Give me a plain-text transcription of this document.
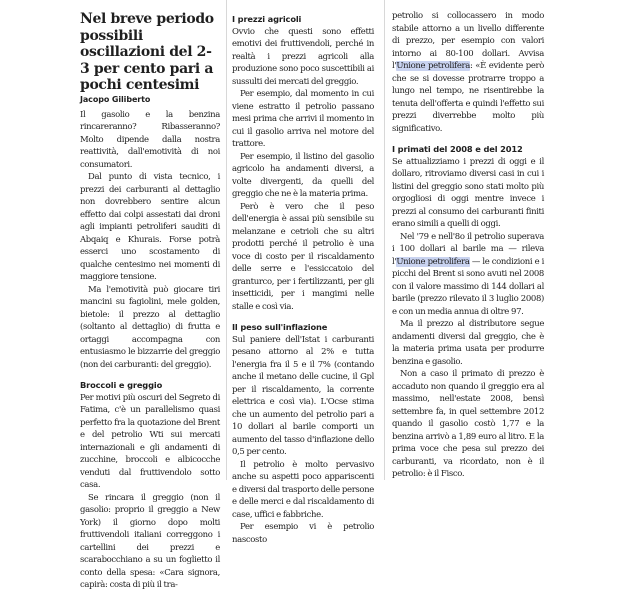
Nel breve periodo possibili oscillazioni del 2-3 per cento pari a pochi centesimi
Jacopo Giliberto

Il gasolio e la benzina rincareranno? Ribasseranno? Molto dipende dalla nostra reattività, dall'emotività di noi consumatori.

Dal punto di vista tecnico, i prezzi dei carburanti al dettaglio non dovrebbero sentire alcun effetto dai colpi assestati dai droni agli impianti petroliferi sauditi di Abqaiq e Khurais. Forse potrà esserci uno scostamento di qualche centesimo nei momenti di maggiore tensione.

Ma l'emotività può giocare tiri mancini su fagiolini, mele golden, bietole: il prezzo al dettaglio (soltanto al dettaglio) di frutta e ortaggi accompagna con entusiasmo le bizzarrie del greggio (non dei carburanti: del greggio).

Broccoli e greggio

Per motivi più oscuri del Segreto di Fatima, c'è un parallelismo quasi perfetto fra la quotazione del Brent e del petrolio Wti sui mercati internazionali e gli andamenti di zucchine, broccoli e albicocche venduti dal fruttivendolo sotto casa.

Se rincara il greggio (non il gasolio: proprio il greggio a New York) il giorno dopo molti fruttivendoli italiani correggono i cartellini dei prezzi e scarabocchiano a su un foglietto il conto della spesa: «Cara signora, capirà: costa di più il tra-

I prezzi agricoli

Ovvio che questi sono effetti emotivi dei fruttivendoli, perché in realtà i prezzi agricoli alla produzione sono poco suscettibili ai sussulti dei mercati del greggio.

Per esempio, dal momento in cui viene estratto il petrolio passano mesi prima che arrivi il momento in cui il gasolio arriva nel motore del trattore.

Per esempio, il listino del gasolio agricolo ha andamenti diversi, a volte divergenti, da quelli del greggio che ne è la materia prima.

Però è vero che il peso dell'energia è assai più sensibile su melanzane e cetrioli che su altri prodotti perché il petrolio è una voce di costo per il riscaldamento delle serre e l'essiccatoio del granturco, per i fertilizzanti, per gli insetticidi, per i mangimi nelle stalle e così via.

Il peso sull'inflazione

Sul paniere dell'Istat i carburanti pesano attorno al 2% e tutta l'energia fra il 5 e il 7% (contando anche il metano delle cucine, il Gpl per il riscaldamento, la corrente elettrica e così via). L'Ocse stima che un aumento del petrolio pari a 10 dollari al barile comporti un aumento del tasso d'inflazione dello 0,5 per cento.

Il petrolio è molto pervasivo anche su aspetti poco appariscenti e diversi dal trasporto delle persone e delle merci e dal riscaldamento di case, uffici e fabbriche.

Per esempio vi è petrolio nascosto

petrolio si collocassero in modo stabile attorno a un livello differente di prezzo, per esempio con valori intorno ai 80-100 dollari. Avvisa l'Unione petrolifera: «È evidente però che se si dovesse protrarre troppo a lungo nel tempo, ne risentirebbe la tenuta dell'offerta e quindi l'effetto sui prezzi diverrebbe molto più significativo.

I primati del 2008 e del 2012

Se attualizziamo i prezzi di oggi e il dollaro, ritroviamo diversi casi in cui i listini del greggio sono stati molto più orgogliosi di oggi mentre invece i prezzi al consumo dei carburanti finiti erano simili a quelli di oggi.

Nel '79 e nell'8o il petrolio superava i 100 dollari al barile ma — rileva l'Unione petrolifera — le condizioni e i picchi del Brent si sono avuti nel 2008 con il valore massimo di 144 dollari al barile (prezzo rilevato il 3 luglio 2008) e con un media annua di oltre 97.

Ma il prezzo al distributore segue andamenti diversi dal greggio, che è la materia prima usata per produrre benzina e gasolio.

Non a caso il primato di prezzo è accaduto non quando il greggio era al massimo, nell'estate 2008, bensì settembre fa, in quel settembre 2012 quando il gasolio costò 1,77 e la benzina arrivò a 1,89 euro al litro. E la prima voce che pesa sul prezzo dei carburanti, va ricordato, non è il petrolio: è il Fisco.
